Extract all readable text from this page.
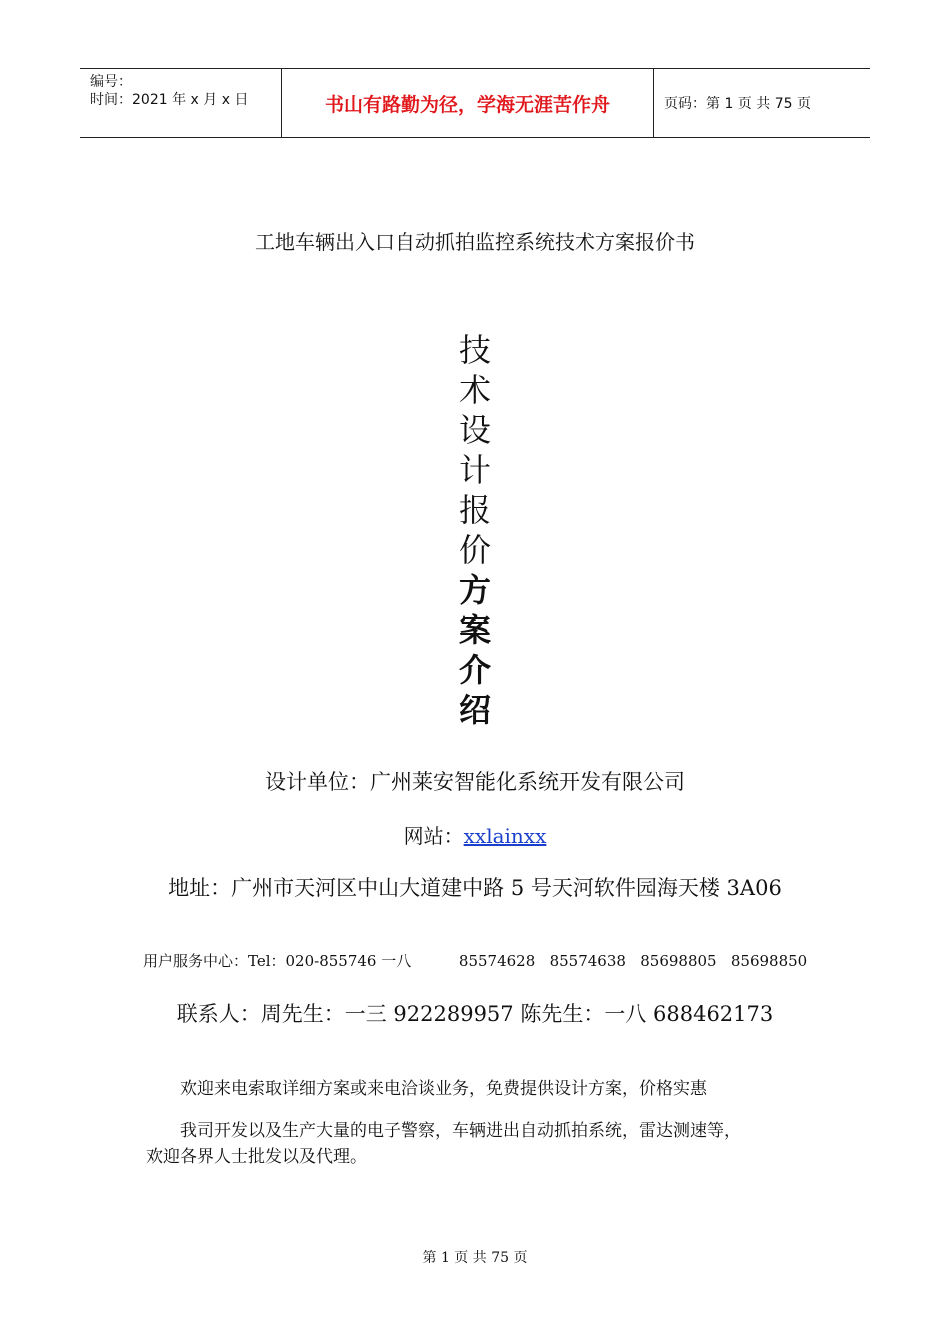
编号：
时间：2021 年 x 月 x 日	书山有路勤为径，学海无涯苦作舟	页码：第 1 页 共 75 页
工地车辆出入口自动抓拍监控系统技术方案报价书
技
术
设
计
报
价
方
案
介
绍
设计单位：广州莱安智能化系统开发有限公司
网站：xxlainxx
地址：广州市天河区中山大道建中路 5 号天河软件园海天楼 3A06
用户服务中心：Tel：020-855746 一八          85574628   85574638   85698805   85698850
联系人：周先生：一三 922289957 陈先生：一八 688462173
欢迎来电索取详细方案或来电洽谈业务，免费提供设计方案，价格实惠
我司开发以及生产大量的电子警察，车辆进出自动抓拍系统，雷达测速等，
欢迎各界人士批发以及代理。
第 1 页 共 75 页
